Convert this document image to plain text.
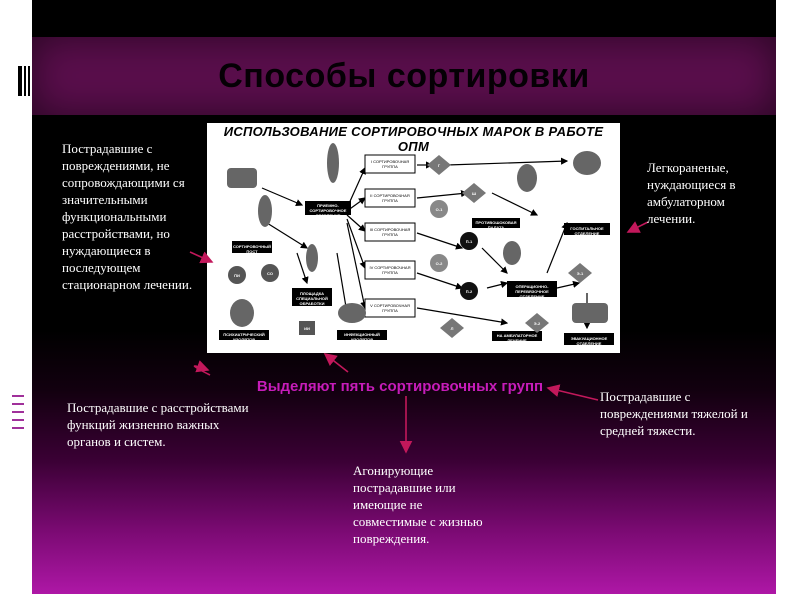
Способы сортировки
ИСПОЛЬЗОВАНИЕ СОРТИРОВОЧНЫХ МАРОК В РАБОТЕ ОПМ
СОРТИРОВОЧНЫЙ ПОСТ
ПРИЕМНО-СОРТИРОВОЧНОЕ ОТДЕЛЕНИЕ
ПЛОЩАДКА СПЕЦИАЛЬНОЙ ОБРАБОТКИ
ПСИХИАТРИЧЕСКИЙ ИЗОЛЯТОР
ИНФЕКЦИОННЫЙ ИЗОЛЯТОР
ПРОТИВОШОКОВАЯ ПАЛАТА	ГОСПИТАЛЬНОЕ ОТДЕЛЕНИЕ
ОПЕРАЦИОННО-ПЕРЕВЯЗОЧНОЕ ОТДЕЛЕНИЕ
НА АМБУЛАТОРНОЕ ЛЕЧЕНИЕ	ЭВАКУАЦИОННОЕ ОТДЕЛЕНИЕ
I СОРТИРОВОЧНАЯ ГРУППА
II СОРТИРОВОЧНАЯ ГРУППА
III СОРТИРОВОЧНАЯ ГРУППА
IV СОРТИРОВОЧНАЯ ГРУППА
V СОРТИРОВОЧНАЯ ГРУППА
ПИ	СО
ИИ
Г
Ш
О-1
П-1
О-2
П-2
Э-1
Э-2
Л
Пострадавшие с повреждениями, не сопровождающими ся значительными функциональными расстройствами, но нуждающиеся в последующем стационарном лечении.
Легкораненые, нуждающиеся в амбулаторном лечении.
Выделяют пять сортировочных групп
Пострадавшие с расстройствами функций жизненно важных органов и систем.
Агонирующие пострадавшие или имеющие не совместимые с жизнью повреждения.
Пострадавшие с повреждениями тяжелой и средней тяжести.
